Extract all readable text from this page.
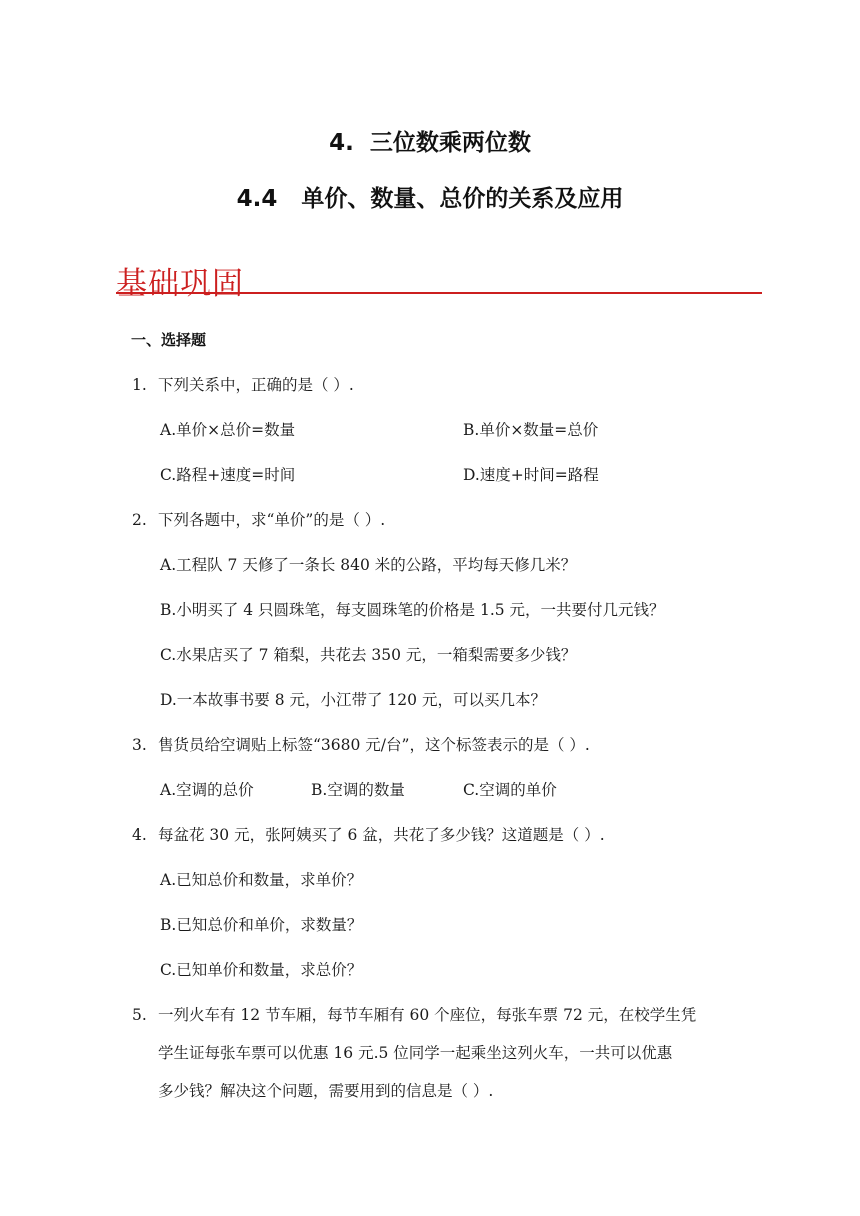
4.  三位数乘两位数
4.4   单价、数量、总价的关系及应用
基础巩固
一、选择题
1. 下列关系中，正确的是（ ）.
A.单价×总价=数量	B.单价×数量=总价
C.路程+速度=时间	D.速度+时间=路程
2. 下列各题中，求“单价”的是（ ）.
A.工程队 7 天修了一条长 840 米的公路，平均每天修几米？
B.小明买了 4 只圆珠笔，每支圆珠笔的价格是 1.5 元，一共要付几元钱？
C.水果店买了 7 箱梨，共花去 350 元，一箱梨需要多少钱？
D.一本故事书要 8 元，小江带了 120 元，可以买几本？
3. 售货员给空调贴上标签“3680 元/台”，这个标签表示的是（ ）.
A.空调的总价	B.空调的数量	C.空调的单价
4. 每盆花 30 元，张阿姨买了 6 盆，共花了多少钱？这道题是（ ）.
A.已知总价和数量，求单价？
B.已知总价和单价，求数量？
C.已知单价和数量，求总价？
5. 一列火车有 12 节车厢，每节车厢有 60 个座位，每张车票 72 元，在校学生凭
学生证每张车票可以优惠 16 元.5 位同学一起乘坐这列火车，一共可以优惠
多少钱？解决这个问题，需要用到的信息是（ ）.
